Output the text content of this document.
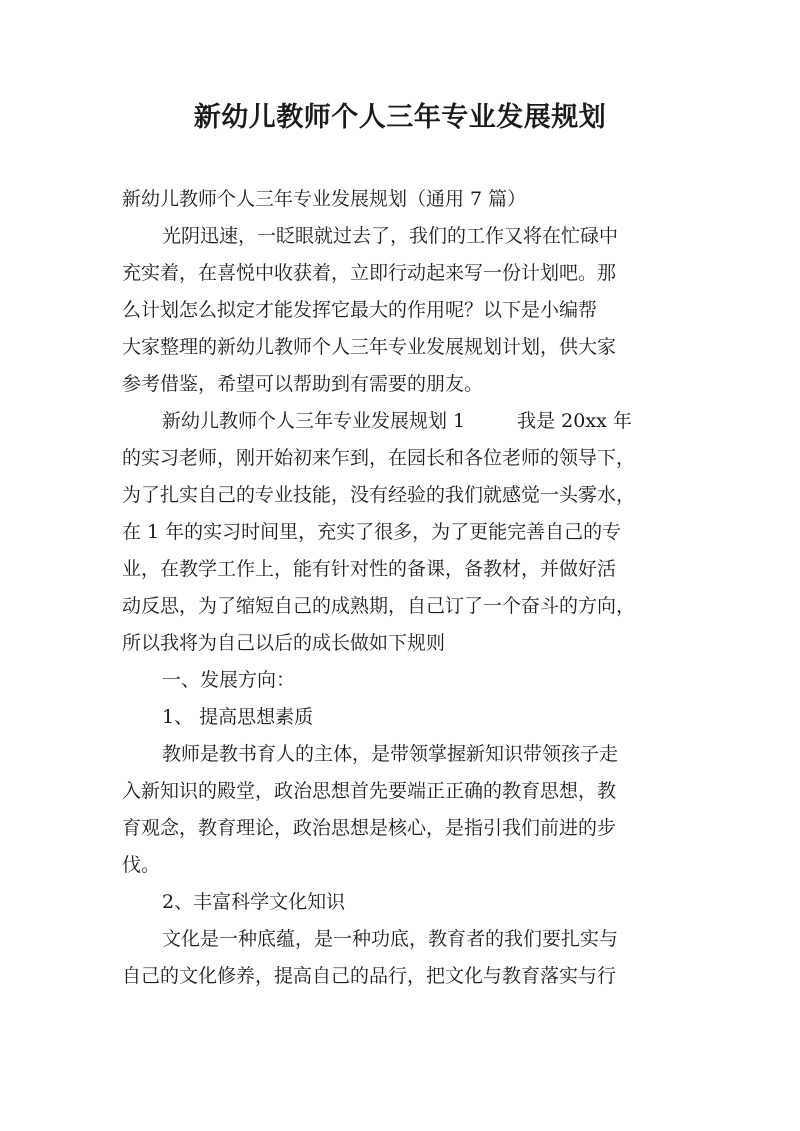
新幼儿教师个人三年专业发展规划
新幼儿教师个人三年专业发展规划（通用 7 篇）
光阴迅速，一眨眼就过去了，我们的工作又将在忙碌中
充实着，在喜悦中收获着，立即行动起来写一份计划吧。那
么计划怎么拟定才能发挥它最大的作用呢？以下是小编帮
大家整理的新幼儿教师个人三年专业发展规划计划，供大家
参考借鉴，希望可以帮助到有需要的朋友。
新幼儿教师个人三年专业发展规划 1	我是 20xx 年
的实习老师，刚开始初来乍到，在园长和各位老师的领导下，
为了扎实自己的专业技能，没有经验的我们就感觉一头雾水，
在 1 年的实习时间里，充实了很多，为了更能完善自己的专
业，在教学工作上，能有针对性的备课，备教材，并做好活
动反思，为了缩短自己的成熟期，自己订了一个奋斗的方向，
所以我将为自己以后的成长做如下规则
一、发展方向：
1、 提高思想素质
教师是教书育人的主体，是带领掌握新知识带领孩子走
入新知识的殿堂，政治思想首先要端正正确的教育思想，教
育观念，教育理论，政治思想是核心，是指引我们前进的步
伐。
2、丰富科学文化知识
文化是一种底蕴，是一种功底，教育者的我们要扎实与
自己的文化修养，提高自己的品行，把文化与教育落实与行
